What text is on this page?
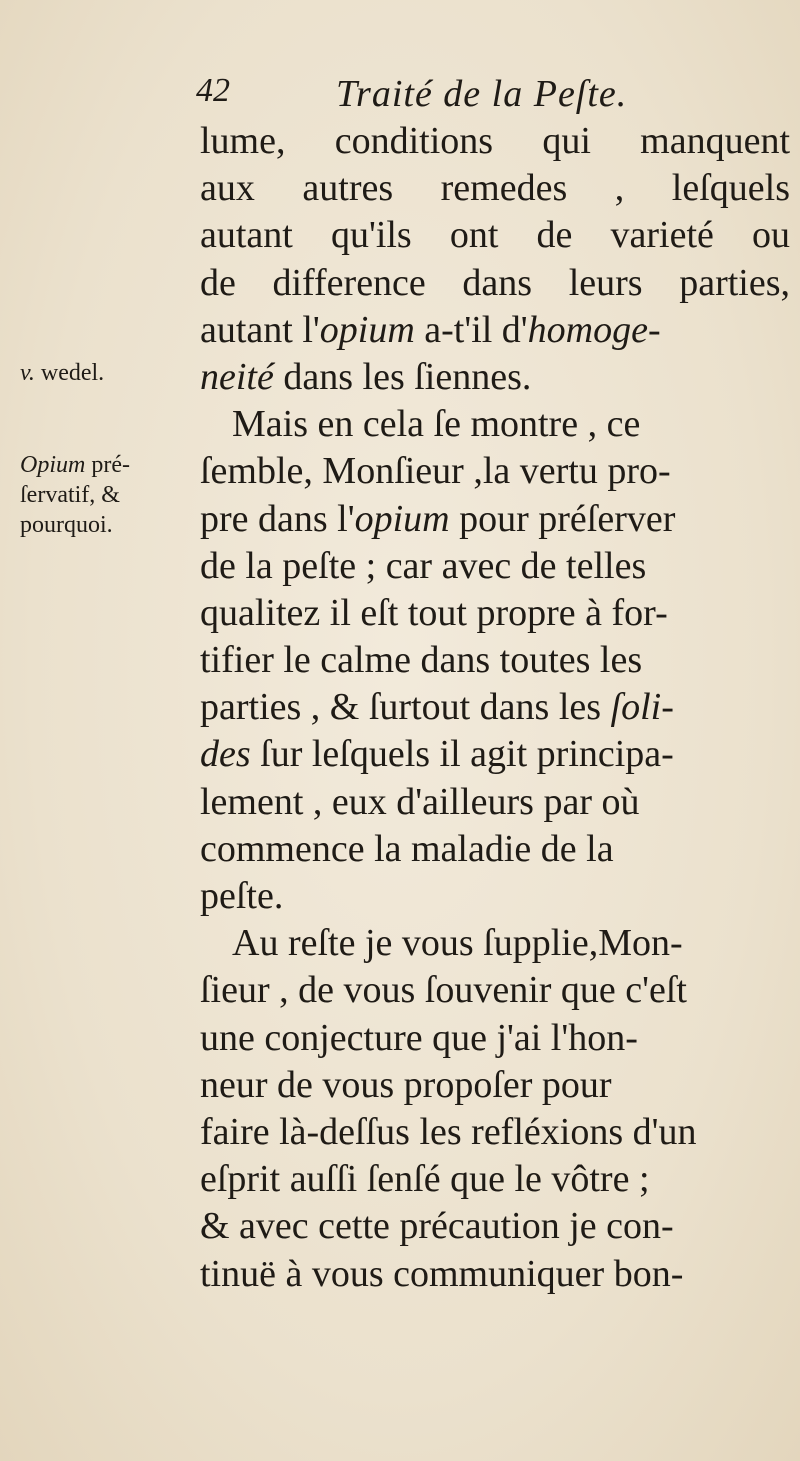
42	Traité de la Peſte.
v. wedel.
Opium pré-
ſervatif, &
pourquoi.
lume, conditions qui manquent
aux autres remedes , leſquels
autant qu'ils ont de varieté ou
de difference dans leurs parties,
autant l'opium a-t'il d'homoge-
neité dans les ſiennes.
Mais en cela ſe montre , ce
ſemble, Monſieur ,la vertu pro-
pre dans l'opium pour préſerver
de la peſte ; car avec de telles
qualitez il eſt tout propre à for-
tifier le calme dans toutes les
parties , & ſurtout dans les ſoli-
des ſur leſquels il agit principa-
lement , eux d'ailleurs par où
commence la maladie de la
peſte.
Au reſte je vous ſupplie,Mon-
ſieur , de vous ſouvenir que c'eſt
une conjecture que j'ai l'hon-
neur de vous propoſer pour
faire là-deſſus les refléxions d'un
eſprit auſſi ſenſé que le vôtre ;
& avec cette précaution je con-
tinuë à vous communiquer bon-
